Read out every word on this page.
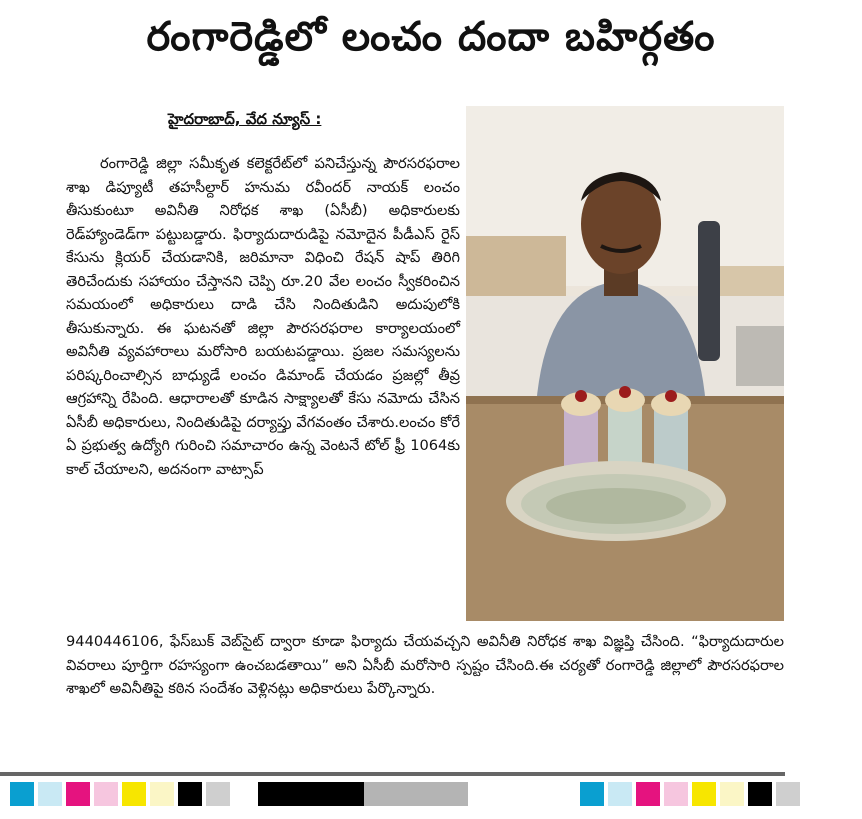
రంగారెడ్డిలో లంచం దందా బహిర్గతం
హైదరాబాద్, వేద న్యూస్ :
రంగారెడ్డి జిల్లా సమీకృత కలెక్టరేట్‌లో పనిచేస్తున్న పౌరసరఫరాల శాఖ డిప్యూటీ తహసీల్దార్ హనుమ రవీందర్ నాయక్ లంచం తీసుకుంటూ అవినీతి నిరోధక శాఖ (ఏసీబీ) అధికారులకు రెడ్‌హ్యాండెడ్‌గా పట్టుబడ్డారు. ఫిర్యాదుదారుడిపై నమోదైన పీడీఎస్ రైస్ కేసును క్లియర్ చేయడానికి, జరిమానా విధించి రేషన్ షాప్ తిరిగి తెరిచేందుకు సహాయం చేస్తానని చెప్పి రూ.20 వేల లంచం స్వీకరించిన సమయంలో అధికారులు దాడి చేసి నిందితుడిని అదుపులోకి తీసుకున్నారు. ఈ ఘటనతో జిల్లా పౌరసరఫరాల కార్యాలయంలో అవినీతి వ్యవహారాలు మరోసారి బయటపడ్డాయి. ప్రజల సమస్యలను పరిష్కరించాల్సిన బాధ్యుడే లంచం డిమాండ్ చేయడం ప్రజల్లో తీవ్ర ఆగ్రహాన్ని రేపింది. ఆధారాలతో కూడిన సాక్ష్యాలతో కేసు నమోదు చేసిన ఏసీబీ అధికారులు, నిందితుడిపై దర్యాప్తు వేగవంతం చేశారు.లంచం కోరే ఏ ప్రభుత్వ ఉద్యోగి గురించి సమాచారం ఉన్న వెంటనే టోల్ ఫ్రీ 1064కు కాల్ చేయాలని, అదనంగా వాట్సాప్
9440446106, ఫేస్‌బుక్ వెబ్‌సైట్ ద్వారా కూడా ఫిర్యాదు చేయవచ్చని అవినీతి నిరోధక శాఖ విజ్ఞప్తి చేసింది. “ఫిర్యాదుదారుల వివరాలు పూర్తిగా రహస్యంగా ఉంచబడతాయి” అని ఏసీబీ మరోసారి స్పష్టం చేసింది.ఈ చర్యతో రంగారెడ్డి జిల్లాలో పౌరసరఫరాల శాఖలో అవినీతిపై కఠిన సందేశం వెళ్లినట్లు అధికారులు పేర్కొన్నారు.
